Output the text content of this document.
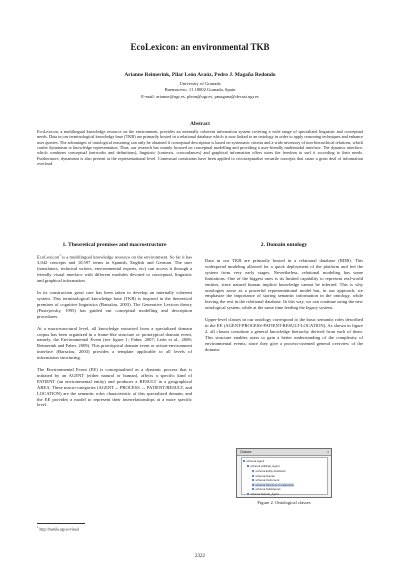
EcoLexicon: an environmental TKB
Arianne Reimerink, Pilar León Araúz, Pedro J. Magaña Redondo
University of Granada
Buensuceso, 11 18002 Granada, Spain
E-mail: arianne@ugr.es, pleon@ugr.es, pmagana@decsai.ugr.es
Abstract
EcoLexicon, a multilingual knowledge resource on the environment, provides an internally coherent information system covering a wide range of specialized linguistic and conceptual needs. Data in our terminological knowledge base (TKB) are primarily hosted in a relational database which is now linked to an ontology in order to apply reasoning techniques and enhance user queries. The advantages of ontological reasoning can only be obtained if conceptual description is based on systematic criteria and a wide inventory of non-hierarchical relations, which confer dynamism to knowledge representation. Thus, our research has mainly focused on conceptual modelling and providing a user-friendly multimodal interface. The dynamic interface, which combines conceptual (networks and definitions), linguistic (contexts, concordances) and graphical information offers users the freedom to surf it according to their needs. Furthermore, dynamism is also present at the representational level. Contextual constraints have been applied to reconceptualise versatile concepts that cause a great deal of information overload.
1. Theoretical premises and macrostructure

EcoLexicon$^1$ is a multilingual knowledge resource on the environment. So far it has 3,042 concepts and 10,597 terms in Spanish, English and German. The user (translators, technical writers, environmental experts, etc) can access it through a friendly visual interface with different modules devoted to conceptual, linguistic and graphical information.

In its construction great care has been taken to develop an internally coherent system. This terminological knowledge base (TKB) is inspired in the theoretical premises of cognitive linguistics (Barsalou, 2003). The Generative Lexicon theory (Pustejovsky, 1995) has guided our conceptual modelling and description procedures.

At a macrostructural level, all knowledge extracted from a specialized domain corpus has been organized in a frame-like structure or prototypical domain event, namely, the Environmental Event (see figure 1; Faber, 2007; León et al., 2008; Reimerink and Faber, 2009). This prototypical domain event or action-environment interface (Barsalou, 2003) provides a template applicable to all levels of information structuring.

The Environmental Event (EE) is conceptualised as a dynamic process that is initiated by an AGENT (either natural or human), affects a specific kind of PATIENT (an environmental entity) and produces a RESULT in a geographical AREA. These macro-categories (AGENT→ PROCESS → PATIENT/RESULT, and LOCATION) are the semantic roles characteristic of this specialized domain, and the EE provides a model to represent their interrelationships at a more specific level.

2. Domain ontology

Data in our TKB are primarily hosted in a relational database (RDB). This widespread modeling allowed for a quick deployment of the platform and fed the system from very early stages. Nevertheless, relational modeling has some limitations. One of the biggest ones is its limited capability to represent real-world entities, since natural human implicit knowledge cannot be inferred. This is why ontologies arose as a powerful representational model but, in our approach, we emphasize the importance of storing semantic information in the ontology, while leaving the rest in the relational database. In this way, we can continue using the new ontological system, while at the same time feeding the legacy system.

Upper-level classes in our ontology correspond to the basic semantic roles described in the EE (AGENT-PROCESS-PATIENT-RESULT-LOCATION). As shown in figure 2, all classes constitute a general knowledge hierarchy derived from each of them. This structure enables users to gain a better understanding of the complexity of environmental events, since they give a process-oriented general overview of the domain:

Classes	x
schema:Agent
schema:Artificial_Agent
schema:Entity-Institution
schema:Human
schema:Instrument
schema:Structure-Construction
schema:Substance1
schema:Natural_Agent
Figure 2. Ontological classes
$^1$ http://manila.ugr.es/visual
2322
